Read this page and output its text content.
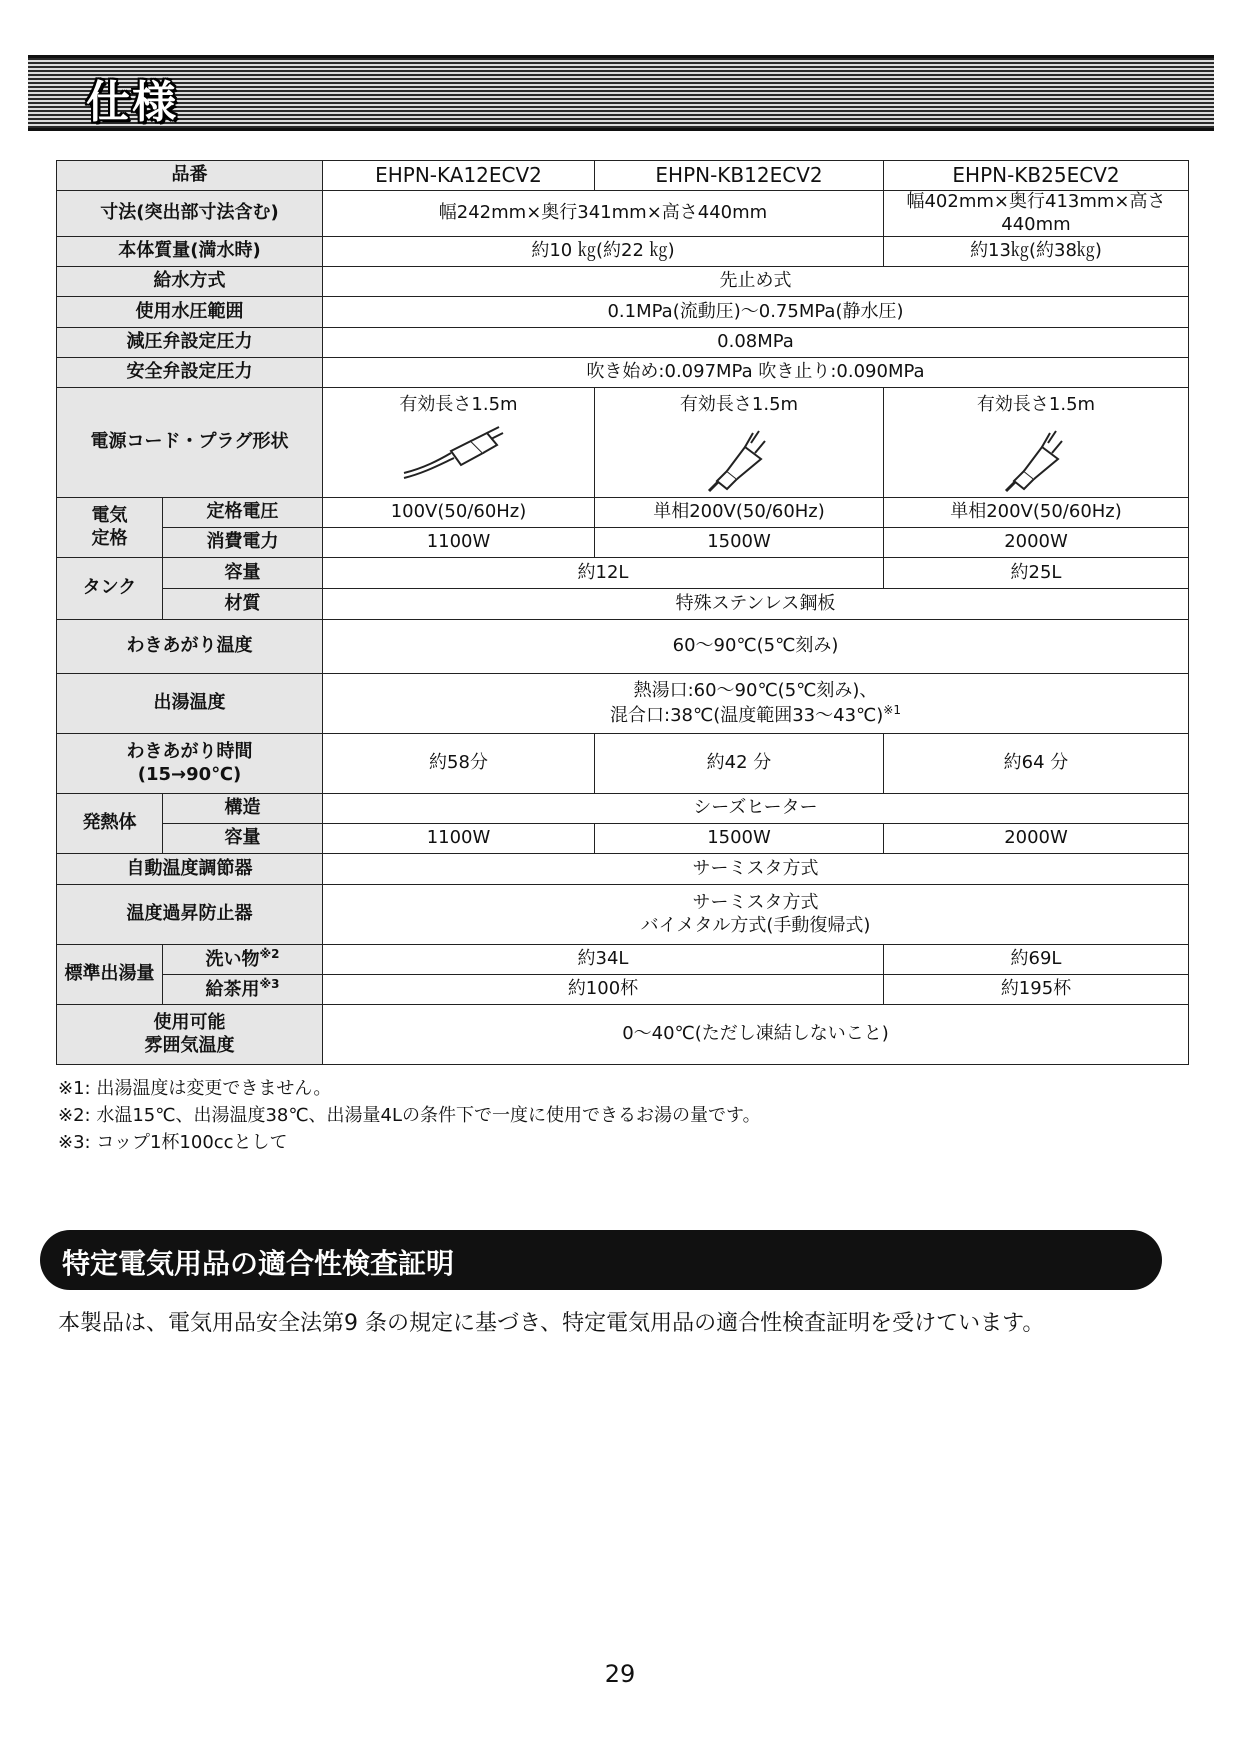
仕様
品番		EHPN-KA12ECV2	EHPN-KB12ECV2	EHPN-KB25ECV2
寸法(突出部寸法含む)		幅242mm×奥行341mm×高さ440mm		幅402mm×奥行413mm×高さ440mm
本体質量(満水時)		約10 ㎏(約22 ㎏)		約13㎏(約38㎏)
給水方式		先止め式		
使用水圧範囲		0.1MPa(流動圧)〜0.75MPa(静水圧)		
減圧弁設定圧力		0.08MPa		
安全弁設定圧力		吹き始め:0.097MPa 吹き止り:0.090MPa		
電源コード・プラグ形状		有効長さ1.5m	有効長さ1.5m	有効長さ1.5m

電気
定格	定格電圧	100V(50/60Hz)	単相200V(50/60Hz)	単相200V(50/60Hz)
	消費電力	1100W	1500W	2000W
タンク	容量	約12L		約25L
	材質	特殊ステンレス鋼板		
わきあがり温度		60〜90℃(5℃刻み)		
出湯温度		熱湯口:60〜90℃(5℃刻み)、
混合口:38℃(温度範囲33〜43℃)$^{※1}$
わきあがり時間
(15→90℃)		約58分	約42 分	約64 分
発熱体	構造	シーズヒーター		
	容量	1100W	1500W	2000W
自動温度調節器		サーミスタ方式		
温度過昇防止器		サーミスタ方式
バイメタル方式(手動復帰式)		
標準出湯量	洗い物$^{※2}$	約34L		約69L
	給茶用$^{※3}$	約100杯		約195杯
使用可能
雰囲気温度		0〜40℃(ただし凍結しないこと)		
※1: 出湯温度は変更できません。
※2: 水温15℃、出湯温度38℃、出湯量4Lの条件下で一度に使用できるお湯の量です。
※3: コップ1杯100ccとして
特定電気用品の適合性検査証明
本製品は、電気用品安全法第9 条の規定に基づき、特定電気用品の適合性検査証明を受けています。
29
